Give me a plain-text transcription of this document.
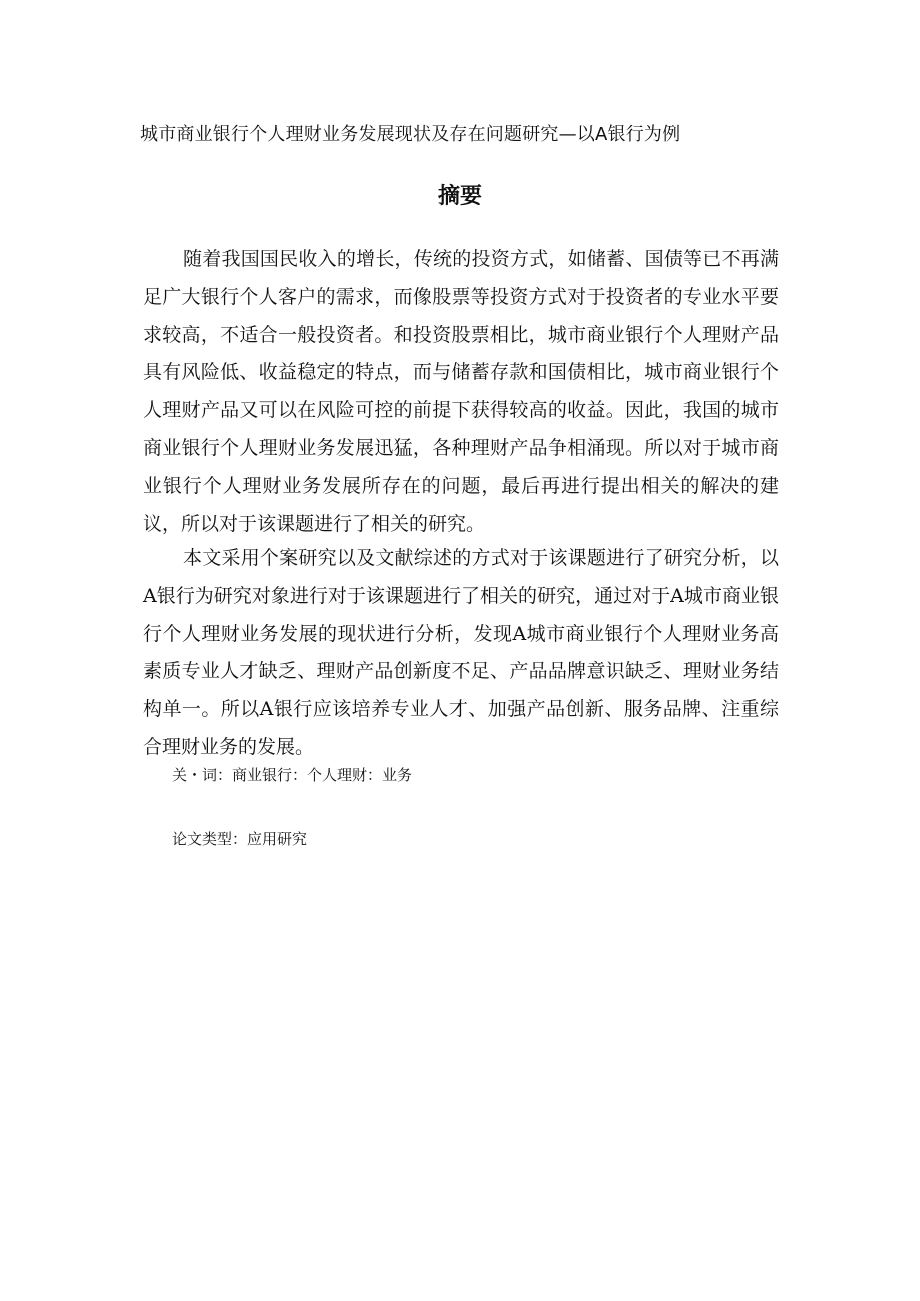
城市商业银行个人理财业务发展现状及存在问题研究—以A银行为例
摘要

随着我国国民收入的增长，传统的投资方式，如储蓄、国债等已不再满足广大银行个人客户的需求，而像股票等投资方式对于投资者的专业水平要求较高，不适合一般投资者。和投资股票相比，城市商业银行个人理财产品具有风险低、收益稳定的特点，而与储蓄存款和国债相比，城市商业银行个人理财产品又可以在风险可控的前提下获得较高的收益。因此，我国的城市商业银行个人理财业务发展迅猛，各种理财产品争相涌现。所以对于城市商业银行个人理财业务发展所存在的问题，最后再进行提出相关的解决的建议，所以对于该课题进行了相关的研究。

本文采用个案研究以及文献综述的方式对于该课题进行了研究分析，以A银行为研究对象进行对于该课题进行了相关的研究，通过对于A城市商业银行个人理财业务发展的现状进行分析，发现A城市商业银行个人理财业务高素质专业人才缺乏、理财产品创新度不足、产品品牌意识缺乏、理财业务结构单一。所以A银行应该培养专业人才、加强产品创新、服务品牌、注重综合理财业务的发展。

关・词：商业银行：个人理财：业务
论文类型：应用研究
